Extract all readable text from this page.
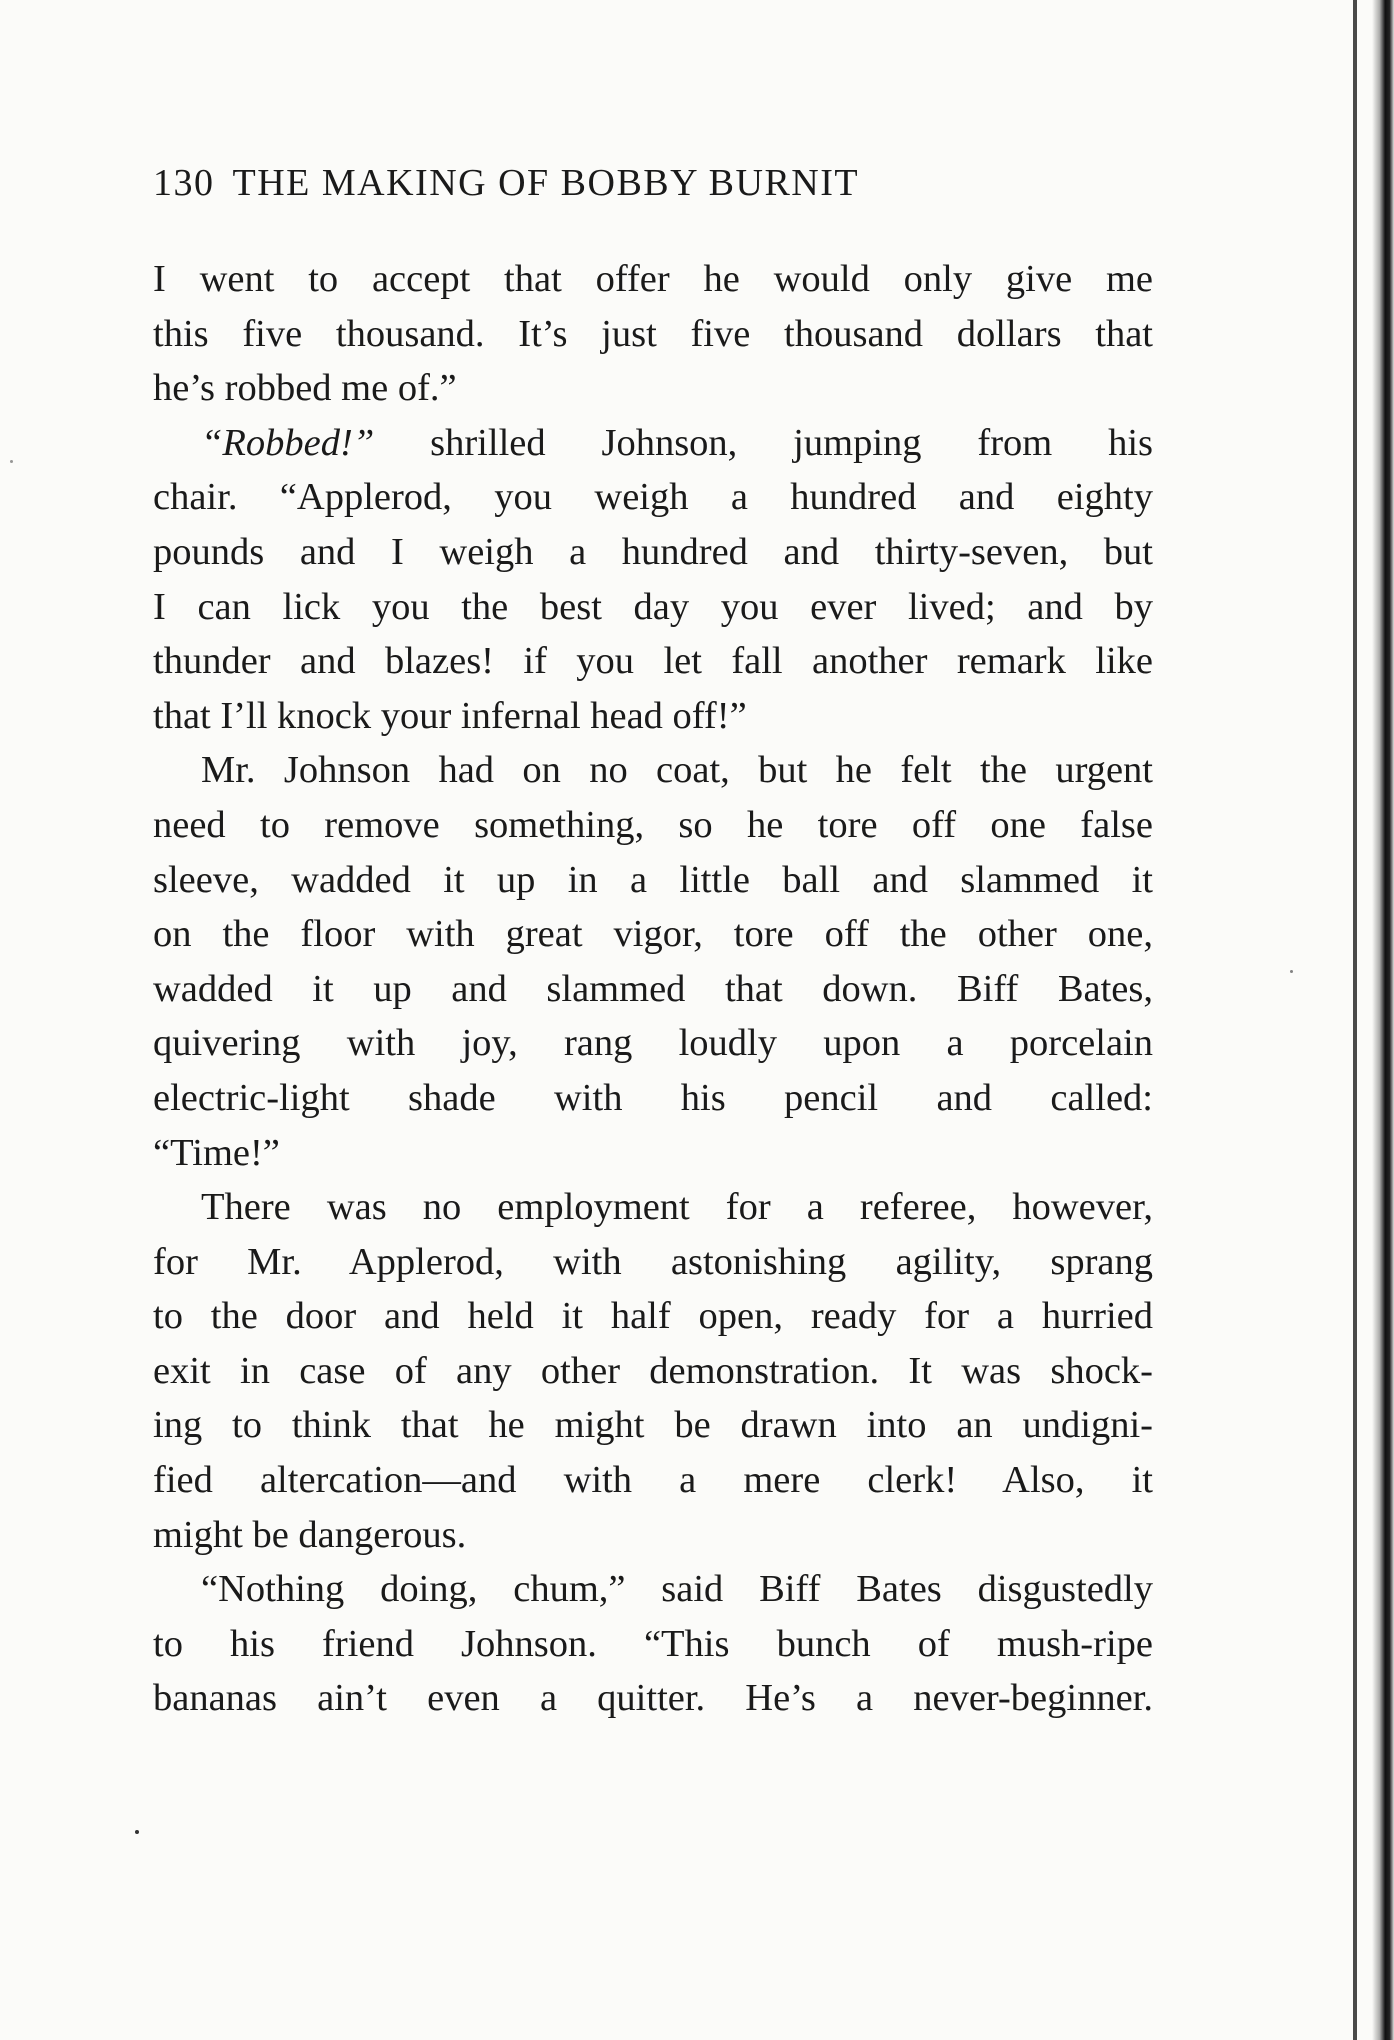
130 THE MAKING OF BOBBY BURNIT

I went to accept that offer he would only give me

this five thousand. It’s just five thousand dollars that

he’s robbed me of.”

“Robbed!” shrilled Johnson, jumping from his

chair. “Applerod, you weigh a hundred and eighty

pounds and I weigh a hundred and thirty-seven, but

I can lick you the best day you ever lived; and by

thunder and blazes! if you let fall another remark like

that I’ll knock your infernal head off!”

Mr. Johnson had on no coat, but he felt the urgent

need to remove something, so he tore off one false

sleeve, wadded it up in a little ball and slammed it

on the floor with great vigor, tore off the other one,

wadded it up and slammed that down. Biff Bates,

quivering with joy, rang loudly upon a porcelain

electric-light shade with his pencil and called:

“Time!”

There was no employment for a referee, however,

for Mr. Applerod, with astonishing agility, sprang

to the door and held it half open, ready for a hurried

exit in case of any other demonstration. It was shock-

ing to think that he might be drawn into an undigni-

fied altercation—and with a mere clerk! Also, it

might be dangerous.

“Nothing doing, chum,” said Biff Bates disgustedly

to his friend Johnson. “This bunch of mush-ripe

bananas ain’t even a quitter. He’s a never-beginner.
